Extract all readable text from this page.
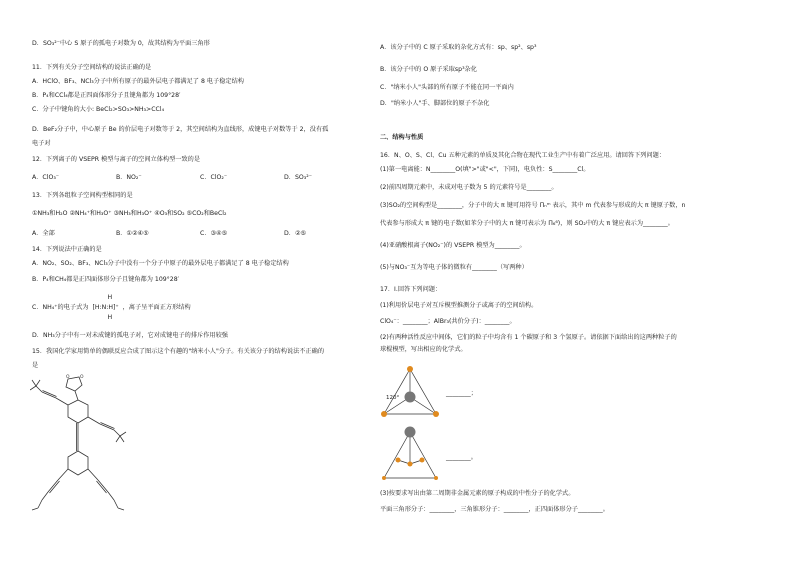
D．SO₃²⁻中心 S 原子的孤电子对数为 0，故其结构为平面三角形
11．下列有关分子空间结构的说法正确的是
A．HClO、BF₃、NCl₃分子中所有原子的最外层电子都满足了 8 电子稳定结构
B．P₄和CCl₄都是正四面体形分子且键角都为 109°28′
C．分子中键角的大小: BeCl₂>SO₃>NH₃>CCl₄
D．BeF₂分子中，中心原子 Be 的价层电子对数等于 2，其空间结构为直线形，成键电子对数等于 2，没有孤
电子对
12．下列离子的 VSEPR 模型与离子的空间立体构型一致的是
A．ClO₃⁻	B．NO₂⁻	C．ClO₂⁻	D．SO₃²⁻
13．下列各组粒子空间构型相同的是
①NH₃和H₂O ②NH₄⁺和H₃O⁺ ③NH₃和H₃O⁺ ④O₃和SO₂ ⑤CO₂和BeCl₂
A．全部	B．①②④⑤	C．③④⑤	D．②⑤
14．下列说法中正确的是
A．NO₂、SO₂、BF₃、NCl₃分子中没有一个分子中原子的最外层电子都满足了 8 电子稳定结构
B．P₄和CH₄都是正四面体形分子且键角都为 109°28′
C．NH₄⁺的电子式为
H
[H:N:H]⁺
H
，离子呈平面正方形结构
D．NH₃分子中有一对未成键的孤电子对，它对成键电子的排斥作用较强
15．我国化学家用简单的偶联反应合成了图示这个有趣的"纳米小人"分子。有关该分子的结构说法不正确的
是
O O
A．该分子中的 C 原子采取的杂化方式有：sp、sp²、sp³
B．该分子中的 O 原子采取sp³杂化
C．"纳米小人"头部的所有原子不能在同一平面内
D．"纳米小人"手、脚部位的原子不杂化
二、结构与性质
16．N、O、S、Cl、Cu 五种元素的单质及其化合物在现代工业生产中有着广泛应用。请回答下列问题：
(1)第一电离能：N________O(填">"或"<"，下同)，电负性：S________Cl。
(2)前四周期元素中，未成对电子数为 5 的元素符号是________。
(3)SO₂的空间构型是________，分子中的大 π 键可用符号 Πₙᵐ 表示，其中 m 代表参与形成的大 π 键原子数，n
代表参与形成大 π 键的电子数(如苯分子中的大 π 键可表示为 Π₆⁶)，则 SO₂中的大 π 键应表示为________。
(4)亚硝酸根离子(NO₂⁻)的 VSEPR 模型为________。
(5)与NO₃⁻互为等电子体的微粒有________（写两种）
17．I.回答下列问题：
(1)利用价层电子对互斥模型推测分子或离子的空间结构。
ClO₄⁻：________；AlBr₃(共价分子)：________。
(2)有两种活性反应中间体，它们的粒子中均含有 1 个碳原子和 3 个氢原子。请依据下面给出的这两种粒子的
球棍模型，写出相应的化学式。
________；
________。
(3)按要求写出由第二周期非金属元素的原子构成的中性分子的化学式。
平面三角形分子：________，三角锥形分子：________，正四面体形分子________。
120°
